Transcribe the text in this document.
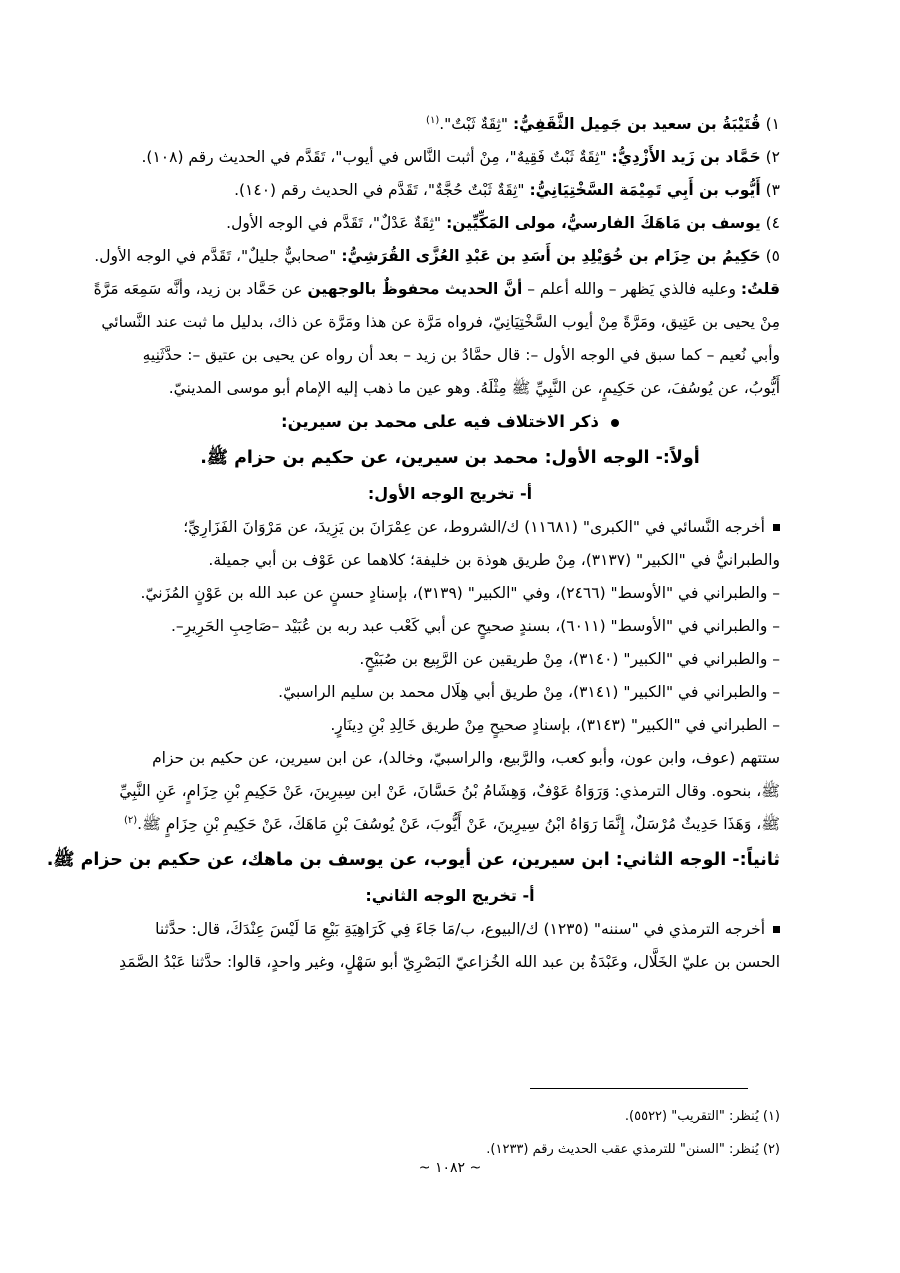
١) قُتَيْبَةُ بن سعيد بن جَمِيل الثَّقَفِيُّ: "ثِقَةٌ ثَبْتٌ".$^{(١)}$
٢) حَمَّاد بن زَيد الأَزْدِيُّ: "ثِقَةٌ ثَبْتٌ فَقِيهٌ"، مِنْ أثبت النَّاس في أيوب"، تَقَدَّم في الحديث رقم (١٠٨).
٣) أَيُّوب بن أَبِي تَمِيْمَة السَّخْتِيَانِيُّ: "ثِقَةٌ ثَبْتٌ حُجَّةٌ"، تَقَدَّم في الحديث رقم (١٤٠).
٤) يوسف بن مَاهَكَ الفارسيُّ، مولى المَكِّيِّين: "ثِقَةٌ عَدْلٌ"، تَقَدَّم في الوجه الأول.
٥) حَكِيمُ بن حِزَام بن خُوَيْلِدِ بن أَسَدِ بن عَبْدِ العُزَّى القُرَشِيُّ: "صحابيٌّ جليلٌ"، تَقَدَّم في الوجه الأول.
قلتُ: وعليه فالذي يَظهر – والله أعلم – أنَّ الحديث محفوظٌ بالوجهين عن حَمَّاد بن زيد، وأنَّه سَمِعَه مَرَّةً
مِنْ يحيى بن عَتِيق، ومَرَّةً مِنْ أيوب السَّخْتِيَانِيّ، فرواه مَرَّة عن هذا ومَرَّة عن ذاك، بدليل ما ثبت عند النَّسائي
وأبي نُعيم – كما سبق في الوجه الأول –: قال حمَّادُ بن زيد – بعد أن رواه عن يحيى بن عتيق –: حدَّثَنِيهِ
أَيُّوبُ، عن يُوسُفَ، عن حَكِيمٍ، عن النَّبِيِّ ﷺ مِثْلَهُ. وهو عين ما ذهب إليه الإمام أبو موسى المدينيّ.
ذكر الاختلاف فيه على محمد بن سيرين:
أولاً:- الوجه الأول: محمد بن سيرين، عن حكيم بن حزام ﷺ.
أ- تخريج الوجه الأول:
أخرجه النَّسائي في "الكبرى" (١١٦٨١) ك/الشروط، عن عِمْرَانَ بن يَزِيدَ، عن مَرْوَانَ الفَزَارِيِّ؛
والطبرانيُّ في "الكبير" (٣١٣٧)، مِنْ طريق هوذة بن خليفة؛ كلاهما عن عَوْف بن أبي جميلة.
– والطبراني في "الأوسط" (٢٤٦٦)، وفي "الكبير" (٣١٣٩)، بإسنادٍ حسنٍ عن عبد الله بن عَوْنٍ المُزَنيّ.
– والطبراني في "الأوسط" (٦٠١١)، بسندٍ صحيحٍ عن أبي كَعْب عبد ربه بن عُبَيْد –صَاحِبِ الحَرِيرِ–.
– والطبراني في "الكبير" (٣١٤٠)، مِنْ طريقين عن الرَّبِيع بن صُبَيْحٍ.
– والطبراني في "الكبير" (٣١٤١)، مِنْ طريق أبي هِلَال محمد بن سليم الراسبيّ.
– الطبراني في "الكبير" (٣١٤٣)، بإسنادٍ صحيحٍ مِنْ طريق خَالِدِ بْنِ دِينَارٍ.
ستتهم (عوف، وابن عون، وأبو كعب، والرَّبيع، والراسبيّ، وخالد)، عن ابن سيرين، عن حكيم بن حزام
ﷺ، بنحوه. وقال الترمذي: وَرَوَاهُ عَوْفٌ، وَهِشَامُ بْنُ حَسَّانَ، عَنْ ابن سِيرِينَ، عَنْ حَكِيمِ بْنِ حِزَامٍ، عَنِ النَّبِيِّ
ﷺ، وَهَذَا حَدِيثٌ مُرْسَلٌ، إِنَّمَا رَوَاهُ ابْنُ سِيرِينَ، عَنْ أَيُّوبَ، عَنْ يُوسُفَ بْنِ مَاهَكَ، عَنْ حَكِيمِ بْنِ حِزَامٍ ﷺ.$^{(٢)}$
ثانياً:- الوجه الثاني: ابن سيرين، عن أيوب، عن يوسف بن ماهك، عن حكيم بن حزام ﷺ.
أ- تخريج الوجه الثاني:
أخرجه الترمذي في "سننه" (١٢٣٥) ك/البيوع، ب/مَا جَاءَ فِي كَرَاهِيَةِ بَيْعِ مَا لَيْسَ عِنْدَكَ، قال: حدَّثنا
الحسن بن عليّ الخَلَّال، وعَبْدَةُ بن عبد الله الخُزاعيّ البَصْرِيّ أبو سَهْلٍ، وغير واحدٍ، قالوا: حدَّثنا عَبْدُ الصَّمَدِ
(١) يُنظر: "التقريب" (٥٥٢٢).
(٢) يُنظر: "السنن" للترمذي عقب الحديث رقم (١٢٣٣).
~ ١٠٨٢ ~
